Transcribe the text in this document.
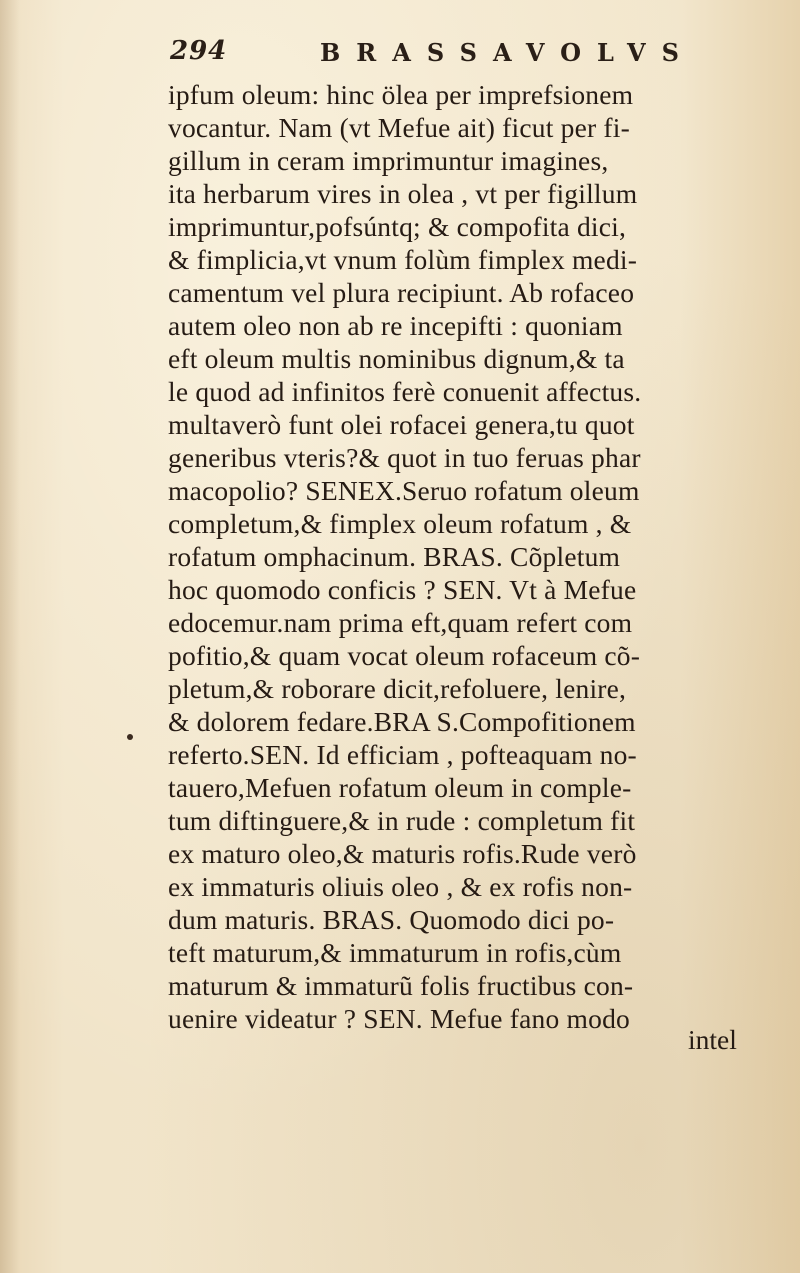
294	BRASSAVOLVS
ipfum oleum: hinc ölea per imprefsionem
vocantur. Nam (vt Mefue ait) ficut per fi-
gillum in ceram imprimuntur imagines,
ita herbarum vires in olea , vt per figillum
imprimuntur,pofsúntq; & compofita dici,
& fimplicia,vt vnum folùm fimplex medi-
camentum vel plura recipiunt. Ab rofaceo
autem oleo non ab re incepifti : quoniam
eft oleum multis nominibus dignum,& ta
le quod ad infinitos ferè conuenit affectus.
multaverò funt olei rofacei genera,tu quot
generibus vteris?& quot in tuo feruas phar
macopolio? SENEX.Seruo rofatum oleum
completum,& fimplex oleum rofatum , &
rofatum omphacinum. BRAS. Cõpletum
hoc quomodo conficis ? SEN. Vt à Mefue
edocemur.nam prima eft,quam refert com
pofitio,& quam vocat oleum rofaceum cõ-
pletum,& roborare dicit,refoluere, lenire,
& dolorem fedare.BRA S.Compofitionem
referto.SEN. Id efficiam , pofteaquam no-
tauero,Mefuen rofatum oleum in comple-
tum diftinguere,& in rude : completum fit
ex maturo oleo,& maturis rofis.Rude verò
ex immaturis oliuis oleo , & ex rofis non-
dum maturis. BRAS. Quomodo dici po-
teft maturum,& immaturum in rofis,cùm
maturum & immaturũ folis fructibus con-
uenire videatur ? SEN. Mefue fano modo
intel
